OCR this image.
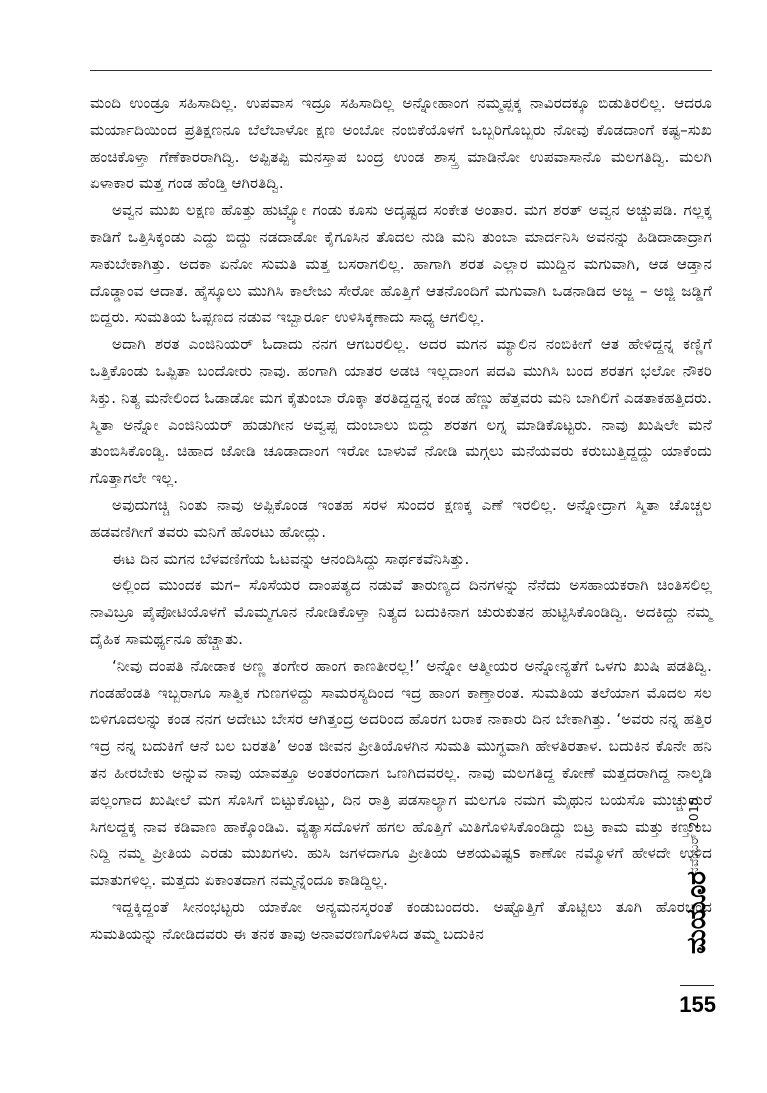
ಮಂದಿ ಉಂಡ್ರೂ ಸಹಿಸಾದಿಲ್ಲ. ಉಪವಾಸ ಇದ್ರೂ ಸಹಿಸಾದಿಲ್ಲ ಅನ್ನೋಹಾಂಗ ನಮ್ಮಪ್ಪಕ್ಕ ನಾವಿರದಕ್ಕೂ ಬಿಡುತಿರಲಿಲ್ಲ. ಆದರೂ ಮರ್ಯಾದಿಯಿಂದ ಪ್ರತಿಕ್ಷಣನೂ ಬೆಲೆಬಾಳೋ ಕ್ಷಣ ಅಂಬೋ ನಂಬಿಕೆಯೊಳಗೆ ಒಬ್ಬರಿಗೊಬ್ಬರು ನೋವು ಕೊಡದಾಂಗೆ ಕಷ್ಟ–ಸುಖ ಹಂಚಿಕೊಳ್ತಾ ಗೆಣೆಕಾರರಾಗಿದ್ವಿ. ಅಪ್ಪಿತಪ್ಪಿ ಮನಸ್ತಾಪ ಬಂದ್ರ ಉಂಡ ಶಾಸ್ತ್ರ ಮಾಡಿನೋ ಉಪವಾಸಾನೊ ಮಲಗತಿದ್ವಿ. ಮಲಗಿ ಏಳಾಕಾರ ಮತ್ತ ಗಂಡ ಹೆಂಡ್ತಿ ಆಗಿರತಿದ್ವಿ.

ಅವ್ವನ ಮುಖ ಲಕ್ಷಣ ಹೊತ್ತು ಹುಟ್ಟ್ಯೋ ಗಂಡು ಕೂಸು ಅದೃಷ್ಟದ ಸಂಕೇತ ಅಂತಾರ. ಮಗ ಶರತ್ ಅವ್ವನ ಅಚ್ಚುಪಡಿ. ಗಲ್ಲಕ್ಕ ಕಾಡಿಗೆ ಒತ್ತಿಸಿಕ್ಕಂಡು ಎದ್ದು ಬಿದ್ದು ನಡದಾಡೋ ಕೈಗೂಸಿನ ತೊದಲ ನುಡಿ ಮನಿ ತುಂಬಾ ಮಾರ್ದನಿಸಿ ಅವನನ್ನು ಹಿಡಿದಾಡಾದ್ರಾಗ ಸಾಕುಬೇಕಾಗಿತ್ತು. ಅದಕಾ ಏನೋ ಸುಮತಿ ಮತ್ತ ಬಸರಾಗಲಿಲ್ಲ. ಹಾಗಾಗಿ ಶರತ ಎಲ್ಲಾರ ಮುದ್ದಿನ ಮಗುವಾಗಿ, ಆಡ ಆಡ್ತಾನ ದೊಡ್ಡಾಂವ ಆದಾತ. ಹೈಸ್ಕೂಲು ಮುಗಿಸಿ ಕಾಲೇಜು ಸೇರೋ ಹೊತ್ತಿಗೆ ಆತನೊಂದಿಗೆ ಮಗುವಾಗಿ ಒಡನಾಡಿದ ಅಜ್ಜ – ಅಜ್ಜಿ ಜಡ್ಡಿಗೆ ಬಿದ್ದರು. ಸುಮತಿಯ ಓಪ್ಪಣದ ನಡುವ ಇಬ್ಬಾರ್ರೂ ಉಳಿಸಿಕ್ಕಣಾದು ಸಾಧ್ಯ ಆಗಲಿಲ್ಲ.

ಅದಾಗಿ ಶರತ ಎಂಜಿನಿಯರ್ ಓದಾದು ನನಗ ಆಗಬರಲಿಲ್ಲ. ಅದರ ಮಗನ ಮ್ಯಾಲಿನ ನಂಬಿಕೀಗೆ ಆತ ಹೇಳಿದ್ದನ್ನ ಕಣ್ಣಿಗೆ ಒತ್ತಿಕೊಂಡು ಒಪ್ಪಿತಾ ಬಂದೋರು ನಾವು. ಹಂಗಾಗಿ ಯಾತರ ಅಡಚಿ ಇಲ್ಲದಾಂಗ ಪದವಿ ಮುಗಿಸಿ ಬಂದ ಶರತಗ ಭಲೋ ನೌಕರಿ ಸಿಕ್ತು. ನಿತ್ಯ ಮನೇಲಿಂದ ಓಡಾಡೋ ಮಗ ಕೈತುಂಬಾ ರೊಕ್ಕಾ ತರತಿದ್ದದ್ದನ್ನ ಕಂಡ ಹೆಣ್ಣು ಹೆತ್ತವರು ಮನಿ ಬಾಗಿಲಿಗೆ ಎಡತಾಕಹತ್ತಿದರು. ಸ್ಮಿತಾ ಅನ್ನೋ ಎಂಜಿನಿಯರ್ ಹುಡುಗೀನ ಅವ್ವಪ್ಪ ದುಂಬಾಲು ಬಿದ್ದು ಶರತಗ ಲಗ್ನ ಮಾಡಿಕೊಟ್ಟರು. ನಾವು ಖುಷಿಲೇ ಮನೆ ತುಂಬಿಸಿಕೊಂಡ್ವಿ. ಚಿಹಾದ ಜೋಡಿ ಚೂಡಾದಾಂಗ ಇರೋ ಬಾಳುವೆ ನೋಡಿ ಮಗ್ಗಲು ಮನೆಯವರು ಕರುಬುತ್ತಿದ್ದದ್ದು ಯಾಕೆಂದು ಗೊತ್ತಾಗಲೇ ಇಲ್ಲ.

ಅವುದುಗಚ್ಚಿ ನಿಂತು ನಾವು ಅಪ್ಪಿಕೊಂಡ ಇಂತಹ ಸರಳ ಸುಂದರ ಕ್ಷಣಕ್ಕ ಎಣೆ ಇರಲಿಲ್ಲ. ಅನ್ನೋದ್ರಾಗ ಸ್ಮಿತಾ ಚೊಚ್ಚಲ ಹಡವಣಿಗೀಗೆ ತವರು ಮನಿಗೆ ಹೊರಟು ಹೋದ್ಲು.

ಈಟ ದಿನ ಮಗನ ಬೆಳವಣಿಗೆಯ ಓಟವನ್ನು ಆನಂದಿಸಿದ್ದು ಸಾರ್ಥಕವೆನಿಸಿತ್ತು.

ಅಲ್ಲಿಂದ ಮುಂದಕ ಮಗ– ಸೊಸೆಯರ ದಾಂಪತ್ಯದ ನಡುವೆ ತಾರುಣ್ಯದ ದಿನಗಳನ್ನು ನೆನೆದು ಅಸಹಾಯಕರಾಗಿ ಚಿಂತಿಸಲಿಲ್ಲ ನಾವಿಬ್ರೂ ಪೈಪೋಟಿಯೊಳಗೆ ಮೊಮ್ಮಗೂನ ನೋಡಿಕೊಳ್ತಾ ನಿತ್ಯದ ಬದುಕಿನಾಗ ಚುರುಕುತನ ಹುಟ್ಟಿಸಿಕೊಂಡಿದ್ವಿ. ಅದಕಿದ್ದು ನಮ್ಮ ದೈಹಿಕ ಸಾಮರ್ಥ್ಯನೂ ಹೆಚ್ಚಾತು.

‘ನೀವು ದಂಪತಿ ನೋಡಾಕ ಅಣ್ಣ ತಂಗೇರ ಹಾಂಗ ಕಾಣತೀರಲ್ಲ!’ ಅನ್ನೋ ಆತ್ಮೀಯರ ಅನ್ನೋನ್ಯತೆಗೆ ಒಳಗು ಖುಷಿ ಪಡತಿದ್ವಿ. ಗಂಡಹೆಂಡತಿ ಇಬ್ಬರಾಗೂ ಸಾತ್ವಿಕ ಗುಣಗಳಿದ್ದು ಸಾಮರಸ್ಯದಿಂದ ಇದ್ರ ಹಾಂಗ ಕಾಣ್ತಾರಂತ. ಸುಮತಿಯ ತಲೆಯಾಗ ಮೊದಲ ಸಲ ಬಿಳಿಗೂದಲನ್ನು ಕಂಡ ನನಗ ಅದೇಟು ಬೇಸರ ಆಗಿತ್ತಂದ್ರ ಅದರಿಂದ ಹೊರಗ ಬರಾಕ ನಾಕಾರು ದಿನ ಬೇಕಾಗಿತ್ತು. ‘ಅವರು ನನ್ನ ಹತ್ತಿರ ಇದ್ರ ನನ್ನ ಬದುಕಿಗೆ ಆನೆ ಬಲ ಬರತತಿ’ ಅಂತ ಜೀವನ ಪ್ರೀತಿಯೊಳಗಿನ ಸುಮತಿ ಮುಗ್ಧವಾಗಿ ಹೇಳತಿರತಾಳ. ಬದುಕಿನ ಕೊನೇ ಹನಿ ತನ ಹೀರಬೇಕು ಅನ್ನುವ ನಾವು ಯಾವತ್ತೂ ಅಂತರಂಗದಾಗ ಒಣಗಿದವರಲ್ಲ. ನಾವು ಮಲಗತಿದ್ದ ಕೋಣೆ ಮತ್ತದರಾಗಿದ್ದ ನಾಲ್ಕಡಿ ಪಲ್ಲಂಗಾದ ಖುಷೀಲೆ ಮಗ ಸೊಸಿಗೆ ಬಿಟ್ಟುಕೊಟ್ಟು, ದಿನ ರಾತ್ರಿ ಪಡಸಾಲ್ಯಾಗ ಮಲಗೂ ನಮಗ ಮೈಥುನ ಬಯಸೊ ಮುಚ್ಚುಮರೆ ಸಿಗಲದ್ದಕ್ಕ ನಾವ ಕಡಿವಾಣ ಹಾಕ್ಕೊಂಡಿವಿ. ವ್ಯತ್ಯಾಸದೊಳಗೆ ಹಗಲ ಹೊತ್ತಿಗೆ ಮಿತಿಗೊಳಿಸಿಕೊಂಡಿದ್ದು ಬಿಟ್ರ ಕಾಮ ಮತ್ತು ಕಣ್ತುಂಬ ನಿದ್ದಿ ನಮ್ಮ ಪ್ರೀತಿಯ ಎರಡು ಮುಖಗಳು. ಹುಸಿ ಜಗಳದಾಗೂ ಪ್ರೀತಿಯ ಆಶಯವಿಷ್ಟs ಕಾಣೋ ನಮ್ಮೊಳಗೆ ಹೇಳದೇ ಉಳಿದ ಮಾತುಗಳಿಲ್ಲ. ಮತ್ತದು ಏಕಾಂತದಾಗ ನಮ್ಮನ್ನೆಂದೂ ಕಾಡಿದ್ದಿಲ್ಲ.

ಇದ್ದಕ್ಕಿದ್ದಂತೆ ಸೀನಂಭಟ್ಟರು ಯಾಕೋ ಅನ್ಯಮನಸ್ಕರಂತೆ ಕಂಡುಬಂದರು. ಅಷ್ಟೊತ್ತಿಗೆ ತೊಟ್ಟಿಲು ತೂಗಿ ಹೊರಬಂದ ಸುಮತಿಯನ್ನು ನೋಡಿದವರು ಈ ತನಕ ತಾವು ಅನಾವರಣಗೊಳಿಸಿದ ತಮ್ಮ ಬದುಕಿನ

ನವೆಂಬರ್ 2015
ಮಯೂರ
155
